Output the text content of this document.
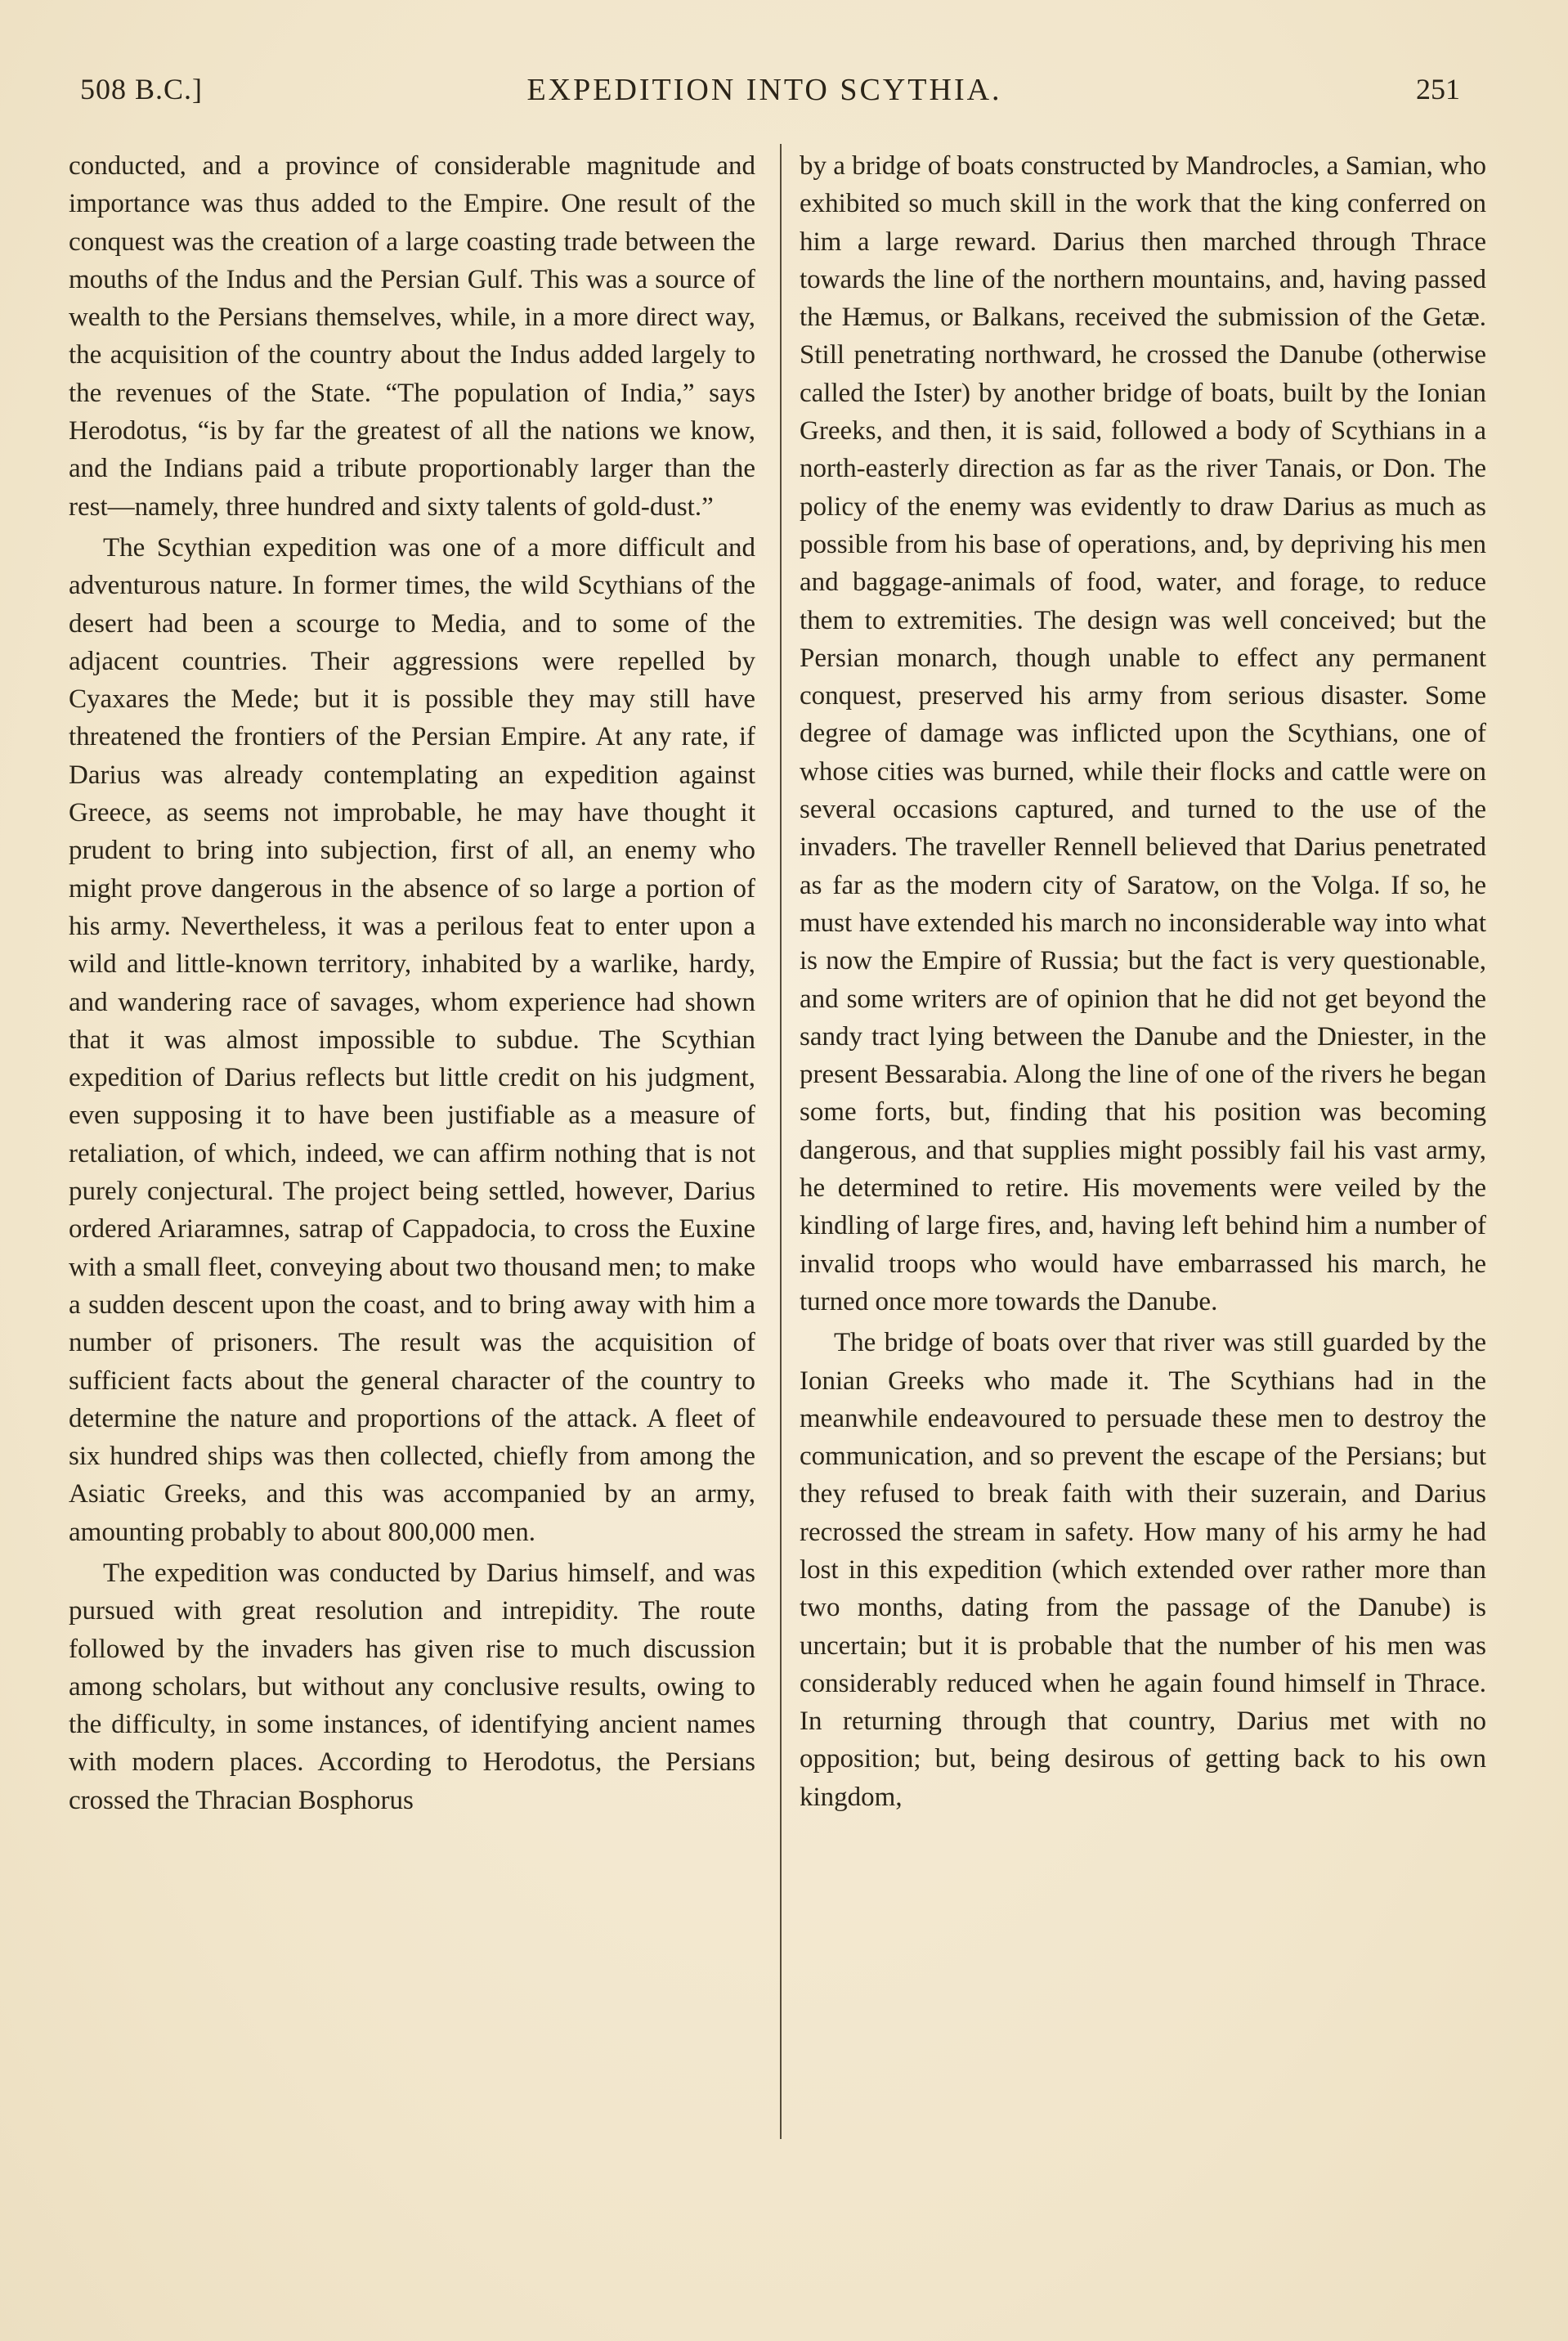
508 B.C.]	EXPEDITION INTO SCYTHIA.	251

conducted, and a province of considerable magnitude and importance was thus added to the Empire. One result of the conquest was the creation of a large coasting trade between the mouths of the Indus and the Persian Gulf. This was a source of wealth to the Persians themselves, while, in a more direct way, the acquisition of the country about the Indus added largely to the revenues of the State. “The population of India,” says Herodotus, “is by far the greatest of all the nations we know, and the Indians paid a tribute proportionably larger than the rest—namely, three hundred and sixty talents of gold-dust.”

The Scythian expedition was one of a more difficult and adventurous nature. In former times, the wild Scythians of the desert had been a scourge to Media, and to some of the adjacent countries. Their aggressions were repelled by Cyaxares the Mede; but it is possible they may still have threatened the frontiers of the Persian Empire. At any rate, if Darius was already contemplating an expedition against Greece, as seems not improbable, he may have thought it prudent to bring into subjection, first of all, an enemy who might prove dangerous in the absence of so large a portion of his army. Nevertheless, it was a perilous feat to enter upon a wild and little-known territory, inhabited by a warlike, hardy, and wandering race of savages, whom experience had shown that it was almost impossible to subdue. The Scythian expedition of Darius reflects but little credit on his judgment, even supposing it to have been justifiable as a measure of retaliation, of which, indeed, we can affirm nothing that is not purely conjectural. The project being settled, however, Darius ordered Ariaramnes, satrap of Cappadocia, to cross the Euxine with a small fleet, conveying about two thousand men; to make a sudden descent upon the coast, and to bring away with him a number of prisoners. The result was the acquisition of sufficient facts about the general character of the country to determine the nature and proportions of the attack. A fleet of six hundred ships was then collected, chiefly from among the Asiatic Greeks, and this was accompanied by an army, amounting probably to about 800,000 men.

The expedition was conducted by Darius himself, and was pursued with great resolution and intrepidity. The route followed by the invaders has given rise to much discussion among scholars, but without any conclusive results, owing to the difficulty, in some instances, of identifying ancient names with modern places. According to Herodotus, the Persians crossed the Thracian Bosphorus

by a bridge of boats constructed by Mandrocles, a Samian, who exhibited so much skill in the work that the king conferred on him a large reward. Darius then marched through Thrace towards the line of the northern mountains, and, having passed the Hæmus, or Balkans, received the submission of the Getæ. Still penetrating northward, he crossed the Danube (otherwise called the Ister) by another bridge of boats, built by the Ionian Greeks, and then, it is said, followed a body of Scythians in a north-easterly direction as far as the river Tanais, or Don. The policy of the enemy was evidently to draw Darius as much as possible from his base of operations, and, by depriving his men and baggage-animals of food, water, and forage, to reduce them to extremities. The design was well conceived; but the Persian monarch, though unable to effect any permanent conquest, preserved his army from serious disaster. Some degree of damage was inflicted upon the Scythians, one of whose cities was burned, while their flocks and cattle were on several occasions captured, and turned to the use of the invaders. The traveller Rennell believed that Darius penetrated as far as the modern city of Saratow, on the Volga. If so, he must have extended his march no inconsiderable way into what is now the Empire of Russia; but the fact is very questionable, and some writers are of opinion that he did not get beyond the sandy tract lying between the Danube and the Dniester, in the present Bessarabia. Along the line of one of the rivers he began some forts, but, finding that his position was becoming dangerous, and that supplies might possibly fail his vast army, he determined to retire. His movements were veiled by the kindling of large fires, and, having left behind him a number of invalid troops who would have embarrassed his march, he turned once more towards the Danube.

The bridge of boats over that river was still guarded by the Ionian Greeks who made it. The Scythians had in the meanwhile endeavoured to persuade these men to destroy the communication, and so prevent the escape of the Persians; but they refused to break faith with their suzerain, and Darius recrossed the stream in safety. How many of his army he had lost in this expedition (which extended over rather more than two months, dating from the passage of the Danube) is uncertain; but it is probable that the number of his men was considerably reduced when he again found himself in Thrace. In returning through that country, Darius met with no opposition; but, being desirous of getting back to his own kingdom,
